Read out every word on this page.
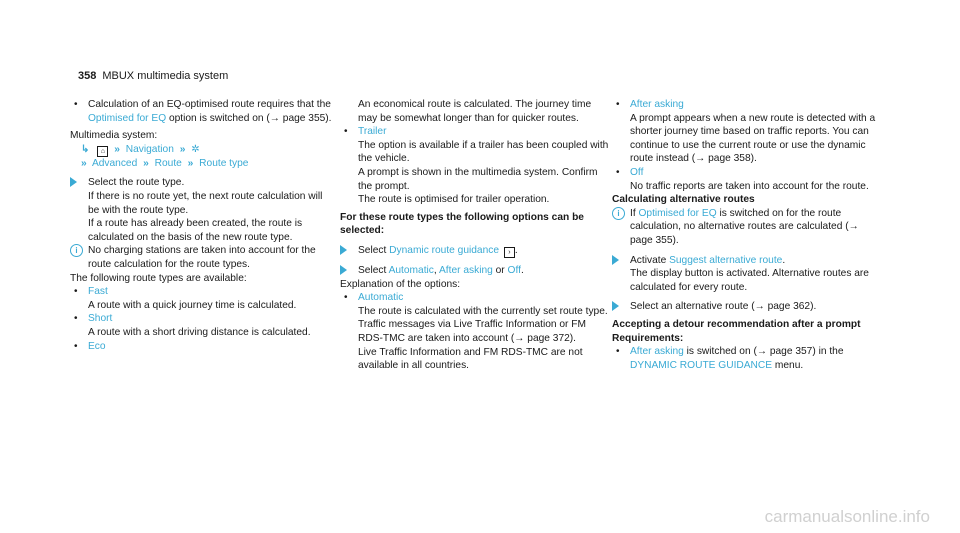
358 MBUX multimedia system
• Calculation of an EQ-optimised route requires that the Optimised for EQ option is switched on (→ page 355).
Multimedia system:
↳ ⌂ » Navigation » ✲
» Advanced » Route » Route type
Select the route type.
If there is no route yet, the next route calculation will be with the route type.
If a route has already been created, the route is calculated on the basis of the new route type.
i	No charging stations are taken into account for the route calculation for the route types.
The following route types are available:
• Fast
A route with a quick journey time is calculated.
• Short
A route with a short driving distance is calculated.
• Eco
An economical route is calculated. The journey time may be somewhat longer than for quicker routes.
• Trailer
The option is available if a trailer has been coupled with the vehicle.
A prompt is shown in the multimedia system. Confirm the prompt.
The route is optimised for trailer operation.
For these route types the following options can be selected:
Select Dynamic route guidance › .
Select Automatic, After asking or Off.
Explanation of the options:
• Automatic
The route is calculated with the currently set route type.
Traffic messages via Live Traffic Information or FM RDS-TMC are taken into account (→ page 372).
Live Traffic Information and FM RDS-TMC are not available in all countries.
• After asking
A prompt appears when a new route is detected with a shorter journey time based on traffic reports. You can continue to use the current route or use the dynamic route instead (→ page 358).
• Off
No traffic reports are taken into account for the route.
Calculating alternative routes
i	If Optimised for EQ is switched on for the route calculation, no alternative routes are calculated (→ page 355).
Activate Suggest alternative route.
The display button is activated. Alternative routes are calculated for every route.
Select an alternative route (→ page 362).
Accepting a detour recommendation after a prompt
Requirements:
• After asking is switched on (→ page 357) in the DYNAMIC ROUTE GUIDANCE menu.
carmanualsonline.info
